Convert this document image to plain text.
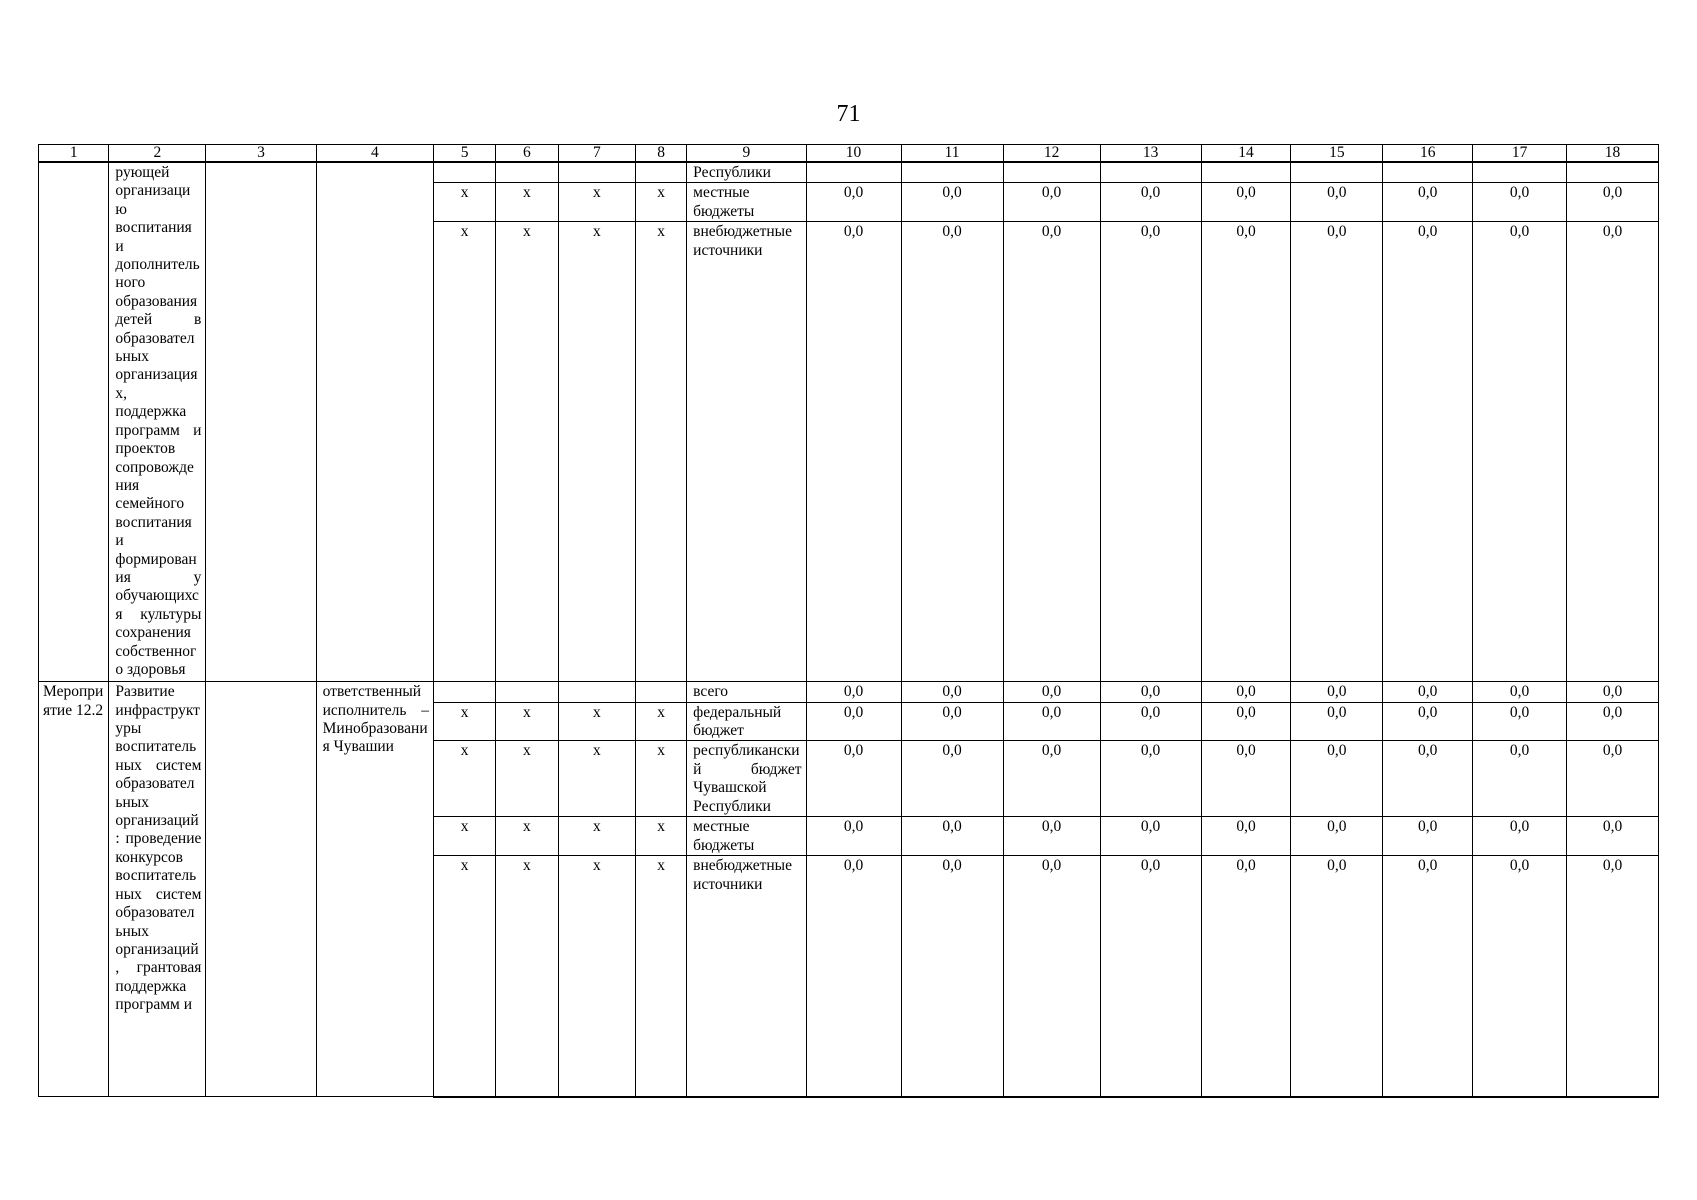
71
1	2	3	4	5	6	7	8	9	10	11	12	13	14	15	16	17	18
	рующей организацию воспитания и дополнительного образования детей в образовательных организациях, поддержка программ и проектов сопровождения семейного воспитания и формирования у обучающихся культуры сохранения собственного здоровья							Республики									
				х	х	х	х	местные бюджеты	0,0	0,0	0,0	0,0	0,0	0,0	0,0	0,0	0,0
				х	х	х	х	внебюджетные источники	0,0	0,0	0,0	0,0	0,0	0,0	0,0	0,0	0,0
Мероприятие 12.2	Развитие инфраструктуры воспитательных систем образовательных организаций: проведение конкурсов воспитательных систем образовательных организаций, грантовая поддержка программ и		ответственный исполнитель – Минобразования Чувашии					всего	0,0	0,0	0,0	0,0	0,0	0,0	0,0	0,0	0,0
				х	х	х	х	федеральный бюджет	0,0	0,0	0,0	0,0	0,0	0,0	0,0	0,0	0,0
				х	х	х	х	республиканский бюджет Чувашской Республики	0,0	0,0	0,0	0,0	0,0	0,0	0,0	0,0	0,0
				х	х	х	х	местные бюджеты	0,0	0,0	0,0	0,0	0,0	0,0	0,0	0,0	0,0
				х	х	х	х	внебюджетные источники	0,0	0,0	0,0	0,0	0,0	0,0	0,0	0,0	0,0
